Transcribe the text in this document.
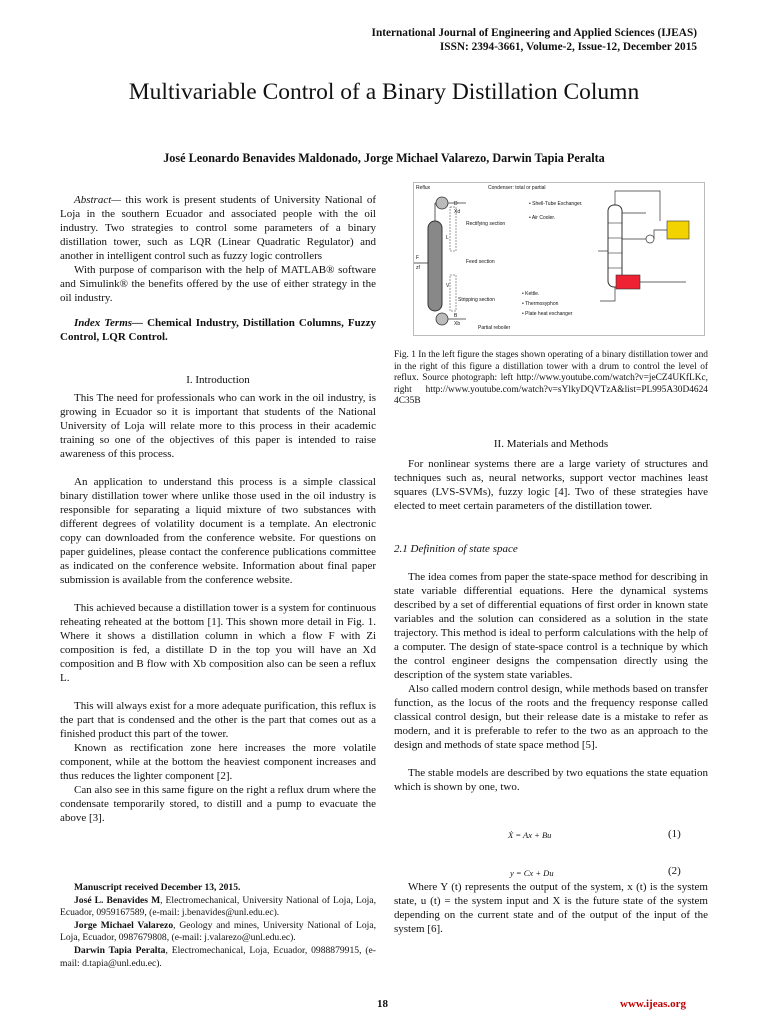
International Journal of Engineering and Applied Sciences (IJEAS)
ISSN: 2394-3661, Volume-2, Issue-12, December 2015
Multivariable Control of a Binary Distillation Column
José Leonardo Benavides Maldonado, Jorge Michael Valarezo, Darwin Tapia Peralta

Abstract— this work is present students of University National of Loja in the southern Ecuador and associated people with the oil industry. Two strategies to control some parameters of a binary distillation tower, such as LQR (Linear Quadratic Regulator) and another in intelligent control such as fuzzy logic controllers

With purpose of comparison with the help of MATLAB® software and Simulink® the benefits offered by the use of either strategy in the oil industry.

Index Terms— Chemical Industry, Distillation Columns, Fuzzy Control, LQR Control.

I. Introduction

This The need for professionals who can work in the oil industry, is growing in Ecuador so it is important that students of the National University of Loja will relate more to this process in their academic training so one of the objectives of this paper is intended to raise awareness of this process.

An application to understand this process is a simple classical binary distillation tower where unlike those used in the oil industry is responsible for separating a liquid mixture of two substances with different degrees of volatility document is a template. An electronic copy can downloaded from the conference website. For questions on paper guidelines, please contact the conference publications committee as indicated on the conference website. Information about final paper submission is available from the conference website.

This achieved because a distillation tower is a system for continuous reheating reheated at the bottom [1]. This shown more detail in Fig. 1. Where it shows a distillation column in which a flow F with Zi composition is fed, a distillate D in the top you will have an Xd composition and B flow with Xb composition also can be seen a reflux L.

This will always exist for a more adequate purification, this reflux is the part that is condensed and the other is the part that comes out as a finished product this part of the tower.

Known as rectification zone here increases the more volatile component, while at the bottom the heaviest component increases and thus reduces the lighter component [2].

Can also see in this same figure on the right a reflux drum where the condensate temporarily stored, to distill and a pump to evacuate the above [3].

Manuscript received December 13, 2015.

José L. Benavides M, Electromechanical, University National of Loja, Loja, Ecuador, 0959167589, (e-mail: j.benavides@unl.edu.ec).

Jorge Michael Valarezo, Geology and mines, University National of Loja, Loja, Ecuador, 0987679808, (e-mail: j.valarezo@unl.edu.ec).

Darwin Tapia Peralta, Electromechanical, Loja, Ecuador, 0988879915, (e-mail: d.tapia@unl.edu.ec).

Reflux	Condenser: total or partial
• Shell-Tube Exchanger.
• Air Cooler.
Rectifying section
Feed section
Stripping section
• Kettle.
• Thermosyphon
• Plate heat exchanger
Partial reboiler
D
Xd
L
V
B
Xb
F
zf
Fig. 1 In the left figure the stages shown operating of a binary distillation tower and in the right of this figure a distillation tower with a drum to control the level of reflux. Source photograph: left http://www.youtube.com/watch?v=jeCZ4UKfLKc, right http://www.youtube.com/watch?v=sYlkyDQVTzA&list=PL995A30D4624 4C35B
II. Materials and Methods

For nonlinear systems there are a large variety of structures and techniques such as, neural networks, support vector machines least squares (LVS-SVMs), fuzzy logic [4]. Two of these strategies have elected to meet certain parameters of the distillation tower.

2.1 Definition of state space

The idea comes from paper the state-space method for describing in state variable differential equations. Here the dynamical systems described by a set of differential equations of first order in known state variables and the solution can considered as a solution in the state trajectory. This method is ideal to perform calculations with the help of a computer. The design of state-space control is a technique by which the control engineer designs the compensation directly using the description of the system state variables.

Also called modern control design, while methods based on transfer function, as the locus of the roots and the frequency response called classical control design, but their release date is a mistake to refer as modern, and it is preferable to refer to the two as an approach to the design and methods of state space method [5].

The stable models are described by two equations the state equation which is shown by one, two.

Ẋ = Ax + Bu	(1)
y = Cx + Du	(2)

Where Y (t) represents the output of the system, x (t) is the system state, u (t) = the system input and X is the future state of the system depending on the current state and of the output of the input of the system [6].

18	www.ijeas.org
